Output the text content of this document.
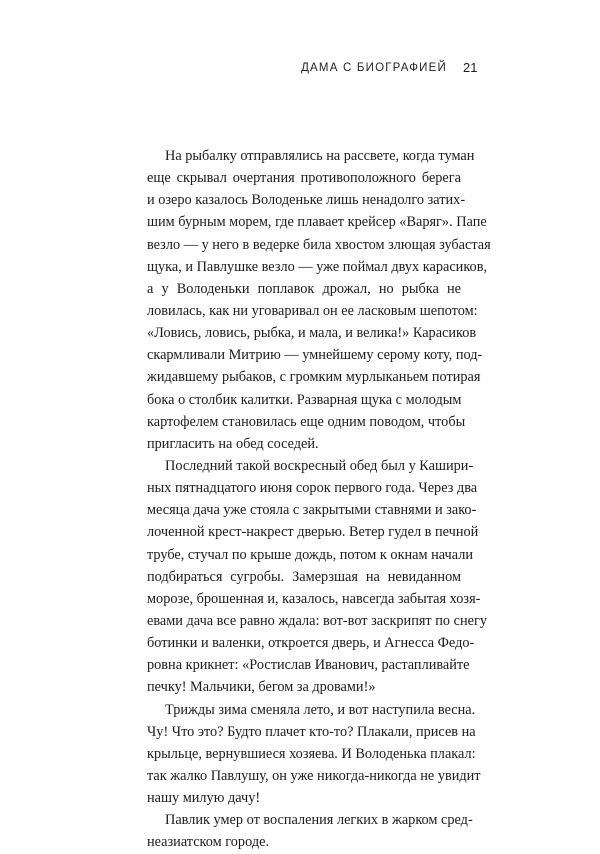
ДАМА С БИОГРАФИЕЙ 21
На рыбалку отправлялись на рассвете, когда туман
еще скрывал очертания противоположного берега
и озеро казалось Володеньке лишь ненадолго затих-
шим бурным морем, где плавает крейсер «Варяг». Папе
везло — у него в ведерке била хвостом злющая зубастая
щука, и Павлушке везло — уже поймал двух карасиков,
а у Володеньки поплавок дрожал, но рыбка не
ловилась, как ни уговаривал он ее ласковым шепотом:
«Ловись, ловись, рыбка, и мала, и велика!» Карасиков
скармливали Митрию — умнейшему серому коту, под-
жидавшему рыбаков, с громким мурлыканьем потирая
бока о столбик калитки. Разварная щука с молодым
картофелем становилась еще одним поводом, чтобы
пригласить на обед соседей.
Последний такой воскресный обед был у Кашири-
ных пятнадцатого июня сорок первого года. Через два
месяца дача уже стояла с закрытыми ставнями и зако-
лоченной крест-накрест дверью. Ветер гудел в печной
трубе, стучал по крыше дождь, потом к окнам начали
подбираться сугробы. Замерзшая на невиданном
морозе, брошенная и, казалось, навсегда забытая хозя-
евами дача все равно ждала: вот-вот заскрипят по снегу
ботинки и валенки, откроется дверь, и Агнесса Федо-
ровна крикнет: «Ростислав Иванович, растапливайте
печку! Мальчики, бегом за дровами!»
Трижды зима сменяла лето, и вот наступила весна.
Чу! Что это? Будто плачет кто-то? Плакали, присев на
крыльце, вернувшиеся хозяева. И Володенька плакал:
так жалко Павлушу, он уже никогда-никогда не увидит
нашу милую дачу!
Павлик умер от воспаления легких в жарком сред-
неазиатском городе.
